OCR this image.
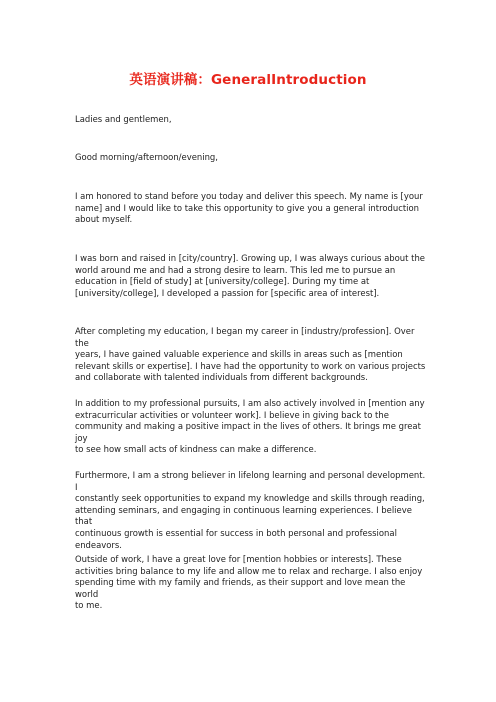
英语演讲稿：GeneralIntroduction

Ladies and gentlemen,

Good morning/afternoon/evening,

I am honored to stand before you today and deliver this speech. My name is [your
name] and I would like to take this opportunity to give you a general introduction
about myself.

I was born and raised in [city/country]. Growing up, I was always curious about the
world around me and had a strong desire to learn. This led me to pursue an
education in [field of study] at [university/college]. During my time at
[university/college], I developed a passion for [specific area of interest].

After completing my education, I began my career in [industry/profession]. Over the
years, I have gained valuable experience and skills in areas such as [mention
relevant skills or expertise]. I have had the opportunity to work on various projects
and collaborate with talented individuals from different backgrounds.

In addition to my professional pursuits, I am also actively involved in [mention any
extracurricular activities or volunteer work]. I believe in giving back to the
community and making a positive impact in the lives of others. It brings me great joy
to see how small acts of kindness can make a difference.

Furthermore, I am a strong believer in lifelong learning and personal development. I
constantly seek opportunities to expand my knowledge and skills through reading,
attending seminars, and engaging in continuous learning experiences. I believe that
continuous growth is essential for success in both personal and professional
endeavors.

Outside of work, I have a great love for [mention hobbies or interests]. These
activities bring balance to my life and allow me to relax and recharge. I also enjoy
spending time with my family and friends, as their support and love mean the world
to me.
